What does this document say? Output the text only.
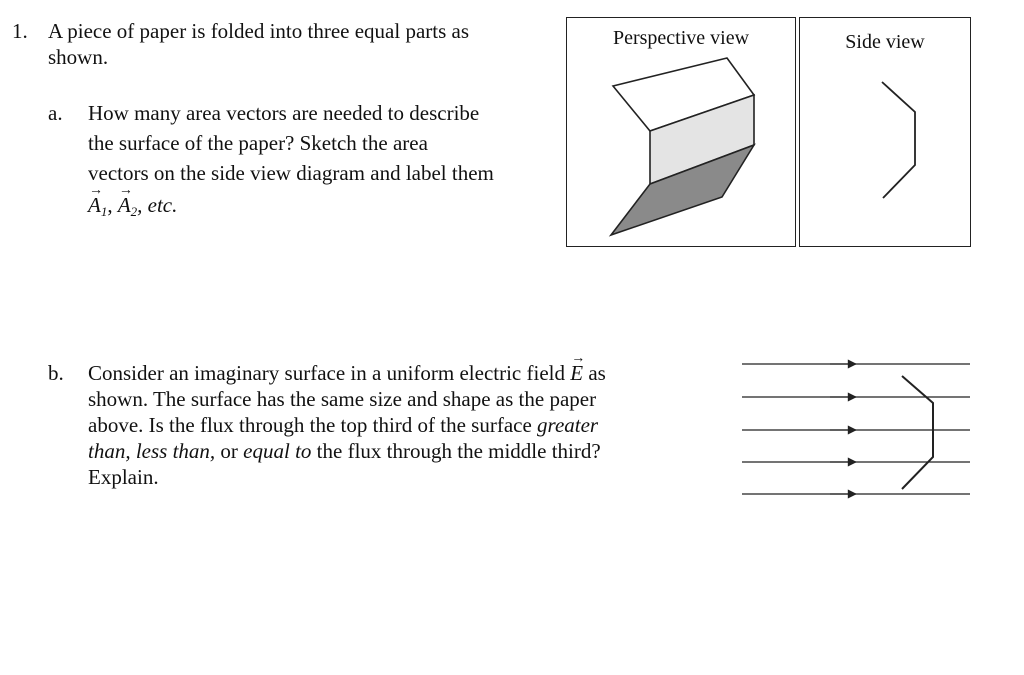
1. A piece of paper is folded into three equal parts as
shown.
a. How many area vectors are needed to describe
the surface of the paper? Sketch the area
vectors on the side view diagram and label them
→
$A_1$,
→
$A_2$, etc.
Perspective view	Side view
b. Consider an imaginary surface in a uniform electric field
→
E as
shown. The surface has the same size and shape as the paper
above. Is the flux through the top third of the surface greater
than, less than, or equal to the flux through the middle third?
Explain.
